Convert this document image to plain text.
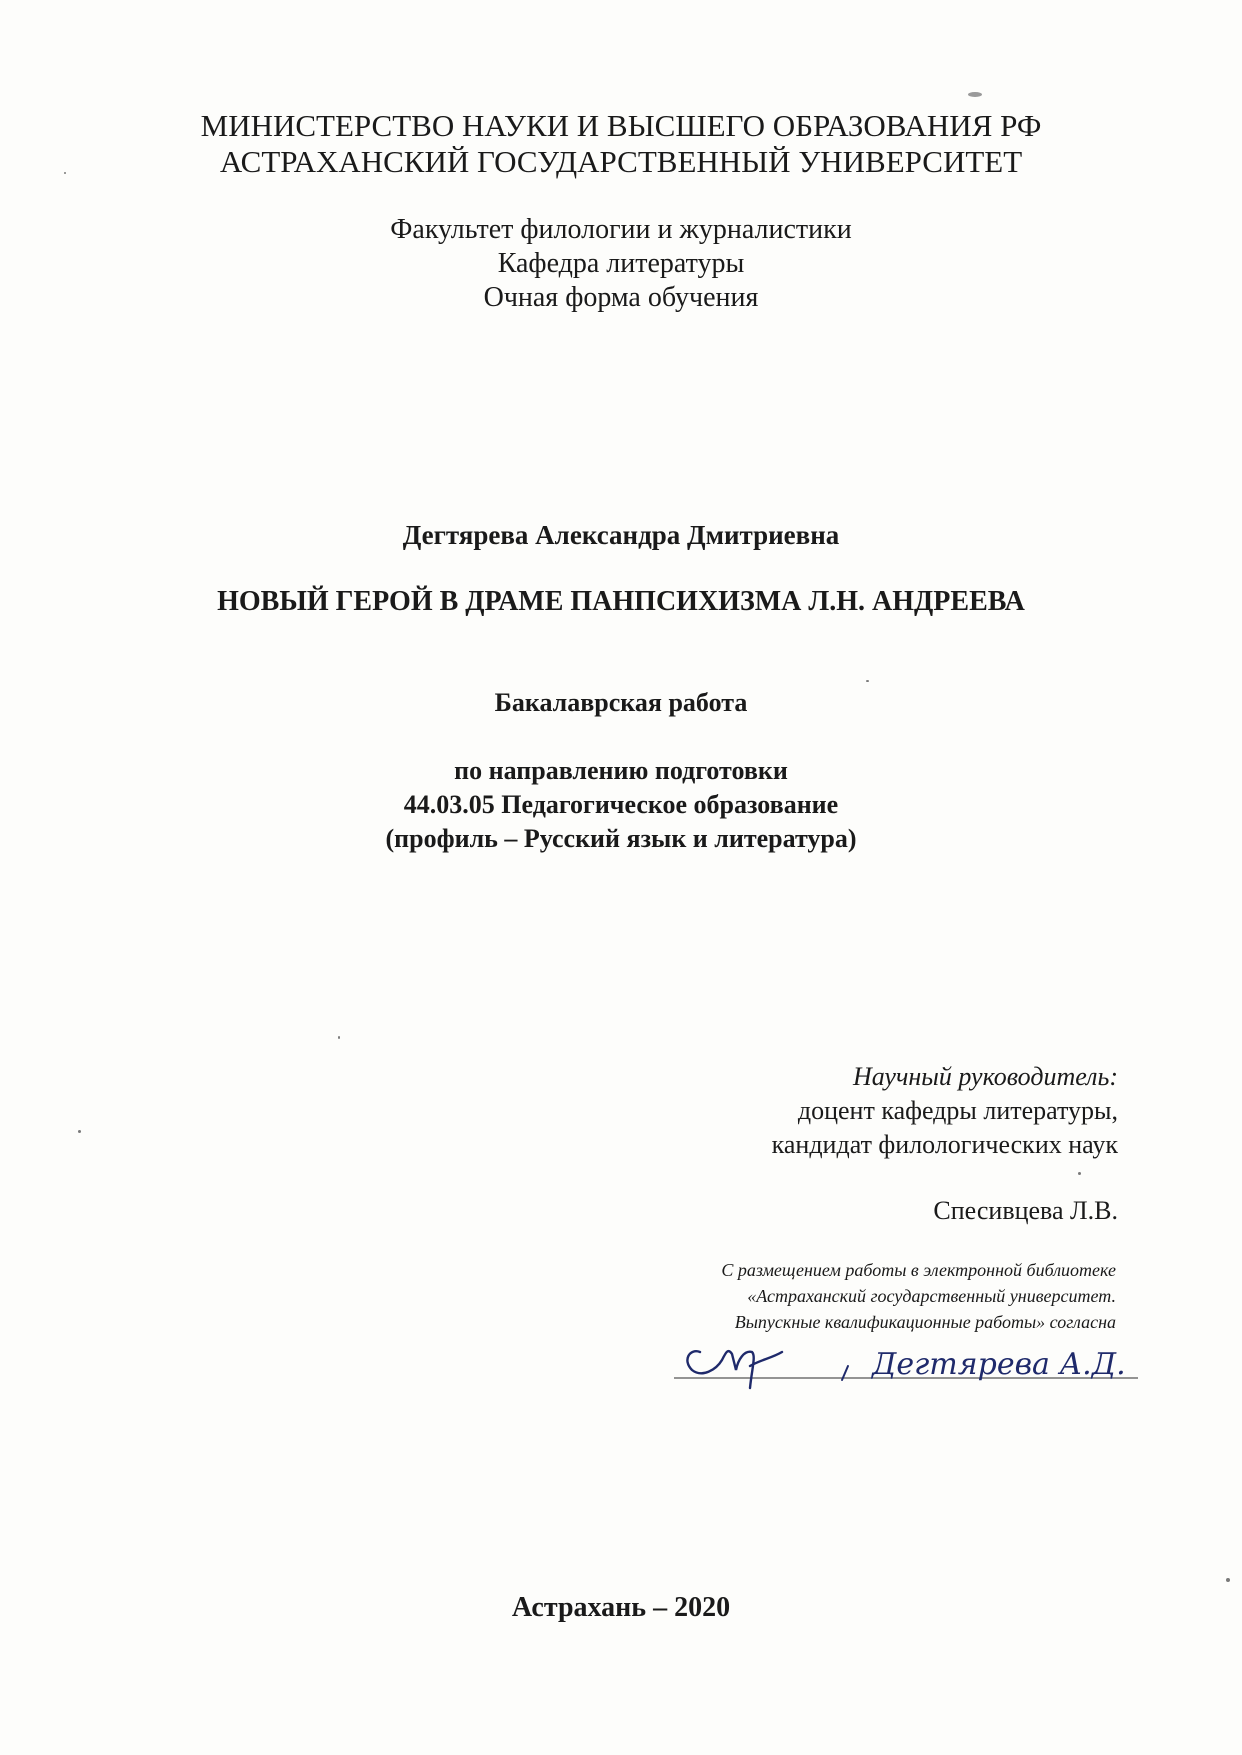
МИНИСТЕРСТВО НАУКИ И ВЫСШЕГО ОБРАЗОВАНИЯ РФ
АСТРАХАНСКИЙ ГОСУДАРСТВЕННЫЙ УНИВЕРСИТЕТ
Факультет филологии и журналистики
Кафедра литературы
Очная форма обучения
Дегтярева Александра Дмитриевна
НОВЫЙ ГЕРОЙ В ДРАМЕ ПАНПСИХИЗМА Л.Н. АНДРЕЕВА
Бакалаврская работа
по направлению подготовки
44.03.05 Педагогическое образование
(профиль – Русский язык и литература)
Научный руководитель:
доцент кафедры литературы,
кандидат филологических наук
Спесивцева Л.В.
С размещением работы в электронной библиотеке
«Астраханский государственный университет.
Выпускные квалификационные работы» согласна
Дегтярева А.Д.
Астрахань – 2020
